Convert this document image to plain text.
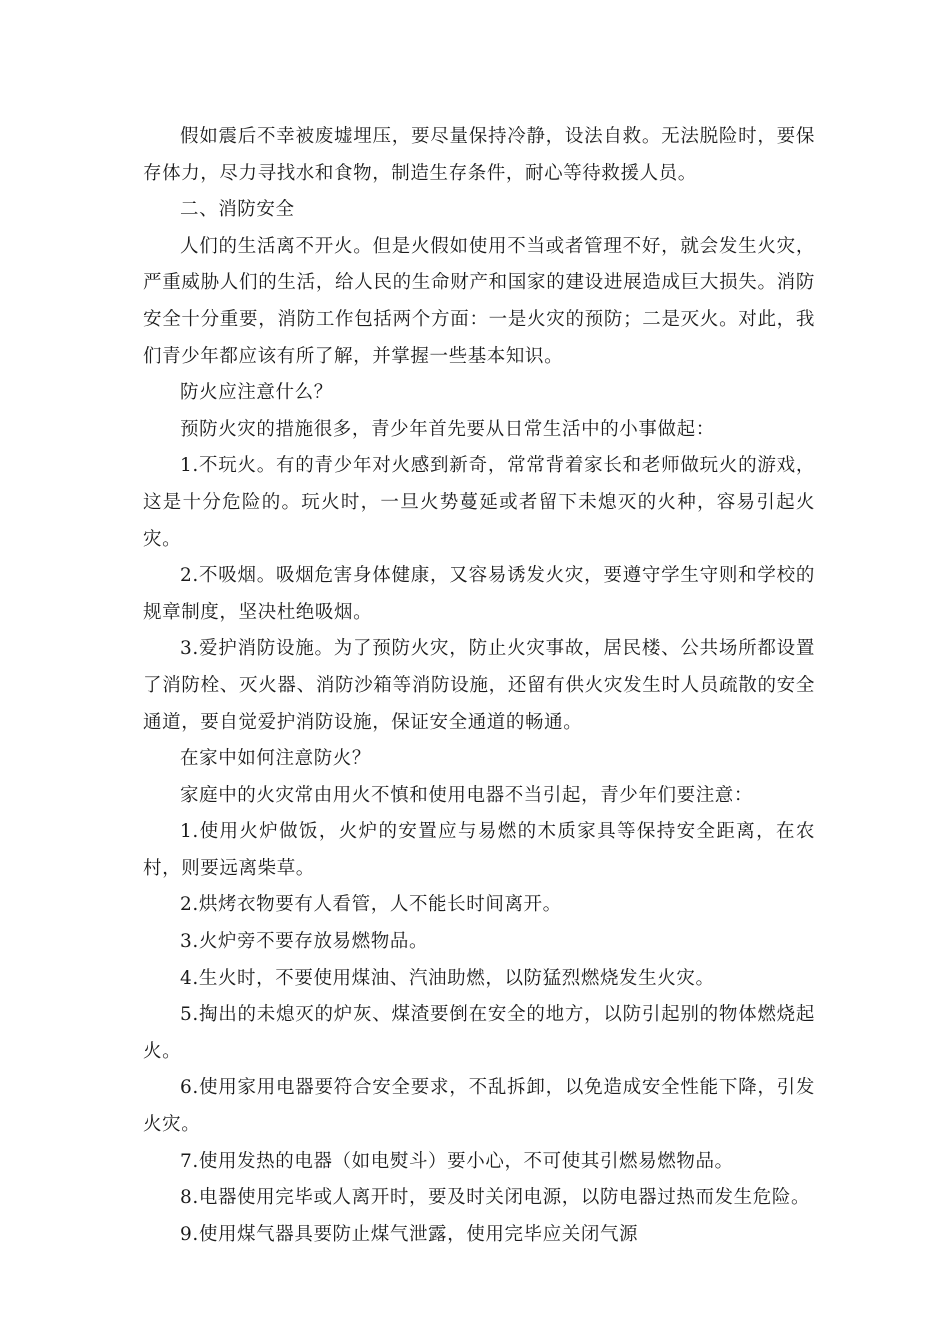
假如震后不幸被废墟埋压，要尽量保持冷静，设法自救。无法脱险时，要保存体力，尽力寻找水和食物，制造生存条件，耐心等待救援人员。

二、消防安全

人们的生活离不开火。但是火假如使用不当或者管理不好，就会发生火灾，严重威胁人们的生活，给人民的生命财产和国家的建设进展造成巨大损失。消防安全十分重要，消防工作包括两个方面：一是火灾的预防；二是灭火。对此，我们青少年都应该有所了解，并掌握一些基本知识。

防火应注意什么？

预防火灾的措施很多，青少年首先要从日常生活中的小事做起：

1.不玩火。有的青少年对火感到新奇，常常背着家长和老师做玩火的游戏，这是十分危险的。玩火时，一旦火势蔓延或者留下未熄灭的火种，容易引起火灾。

2.不吸烟。吸烟危害身体健康，又容易诱发火灾，要遵守学生守则和学校的规章制度，坚决杜绝吸烟。

3.爱护消防设施。为了预防火灾，防止火灾事故，居民楼、公共场所都设置了消防栓、灭火器、消防沙箱等消防设施，还留有供火灾发生时人员疏散的安全通道，要自觉爱护消防设施，保证安全通道的畅通。

在家中如何注意防火？

家庭中的火灾常由用火不慎和使用电器不当引起，青少年们要注意：

1.使用火炉做饭，火炉的安置应与易燃的木质家具等保持安全距离，在农村，则要远离柴草。

2.烘烤衣物要有人看管，人不能长时间离开。

3.火炉旁不要存放易燃物品。

4.生火时，不要使用煤油、汽油助燃，以防猛烈燃烧发生火灾。

5.掏出的未熄灭的炉灰、煤渣要倒在安全的地方，以防引起别的物体燃烧起火。

6.使用家用电器要符合安全要求，不乱拆卸，以免造成安全性能下降，引发火灾。

7.使用发热的电器（如电熨斗）要小心，不可使其引燃易燃物品。

8.电器使用完毕或人离开时，要及时关闭电源，以防电器过热而发生危险。

9.使用煤气器具要防止煤气泄露，使用完毕应关闭气源
